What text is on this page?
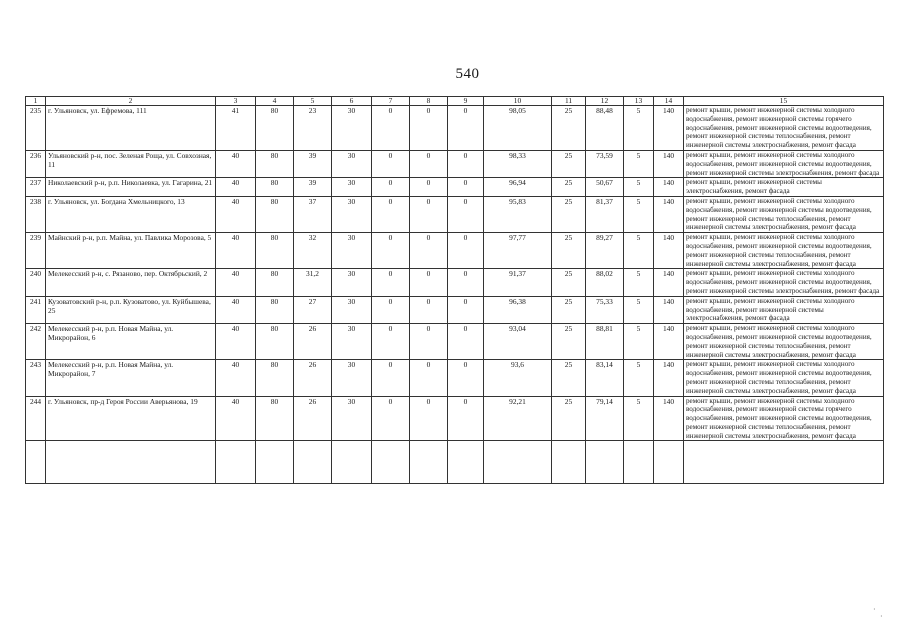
540
1	2	3	4	5	6	7	8	9	10	11	12	13	14	15
235	г. Ульяновск, ул. Ефремова, 111	41	80	23	30	0	0	0	98,05	25	88,48	5	140	ремонт крыши, ремонт инженерной системы холодного водоснабжения, ремонт инженерной системы горячего водоснабжения, ремонт инженерной системы водоотведения, ремонт инженерной системы теплоснабжения, ремонт инженерной системы электроснабжения, ремонт фасада
236	Ульяновский р-н, пос. Зеленая Роща, ул. Совхозная, 11	40	80	39	30	0	0	0	98,33	25	73,59	5	140	ремонт крыши, ремонт инженерной системы холодного водоснабжения, ремонт инженерной системы водоотведения, ремонт инженерной системы электроснабжения, ремонт фасада
237	Николаевский р-н, р.п. Николаевка, ул. Гагарина, 21	40	80	39	30	0	0	0	96,94	25	50,67	5	140	ремонт крыши, ремонт инженерной системы электроснабжения, ремонт фасада
238	г. Ульяновск, ул. Богдана Хмельницкого, 13	40	80	37	30	0	0	0	95,83	25	81,37	5	140	ремонт крыши, ремонт инженерной системы холодного водоснабжения, ремонт инженерной системы водоотведения, ремонт инженерной системы теплоснабжения, ремонт инженерной системы электроснабжения, ремонт фасада
239	Майнский р-н, р.п. Майна, ул. Павлика Морозова, 5	40	80	32	30	0	0	0	97,77	25	89,27	5	140	ремонт крыши, ремонт инженерной системы холодного водоснабжения, ремонт инженерной системы водоотведения, ремонт инженерной системы теплоснабжения, ремонт инженерной системы электроснабжения, ремонт фасада
240	Мелекесский р-н, с. Рязаново, пер. Октябрьский, 2	40	80	31,2	30	0	0	0	91,37	25	88,02	5	140	ремонт крыши, ремонт инженерной системы холодного водоснабжения, ремонт инженерной системы водоотведения, ремонт инженерной системы электроснабжения, ремонт фасада
241	Кузоватовский р-н, р.п. Кузоватово, ул. Куйбышева, 25	40	80	27	30	0	0	0	96,38	25	75,33	5	140	ремонт крыши, ремонт инженерной системы холодного водоснабжения, ремонт инженерной системы электроснабжения, ремонт фасада
242	Мелекесский р-н, р.п. Новая Майна, ул. Микрорайон, 6	40	80	26	30	0	0	0	93,04	25	88,81	5	140	ремонт крыши, ремонт инженерной системы холодного водоснабжения, ремонт инженерной системы водоотведения, ремонт инженерной системы теплоснабжения, ремонт инженерной системы электроснабжения, ремонт фасада
243	Мелекесский р-н, р.п. Новая Майна, ул. Микрорайон, 7	40	80	26	30	0	0	0	93,6	25	83,14	5	140	ремонт крыши, ремонт инженерной системы холодного водоснабжения, ремонт инженерной системы водоотведения, ремонт инженерной системы теплоснабжения, ремонт инженерной системы электроснабжения, ремонт фасада
244	г. Ульяновск, пр-д Героя России Аверьянова, 19	40	80	26	30	0	0	0	92,21	25	79,14	5	140	ремонт крыши, ремонт инженерной системы холодного водоснабжения, ремонт инженерной системы горячего водоснабжения, ремонт инженерной системы водоотведения, ремонт инженерной системы теплоснабжения, ремонт инженерной системы электроснабжения, ремонт фасада

·
·
